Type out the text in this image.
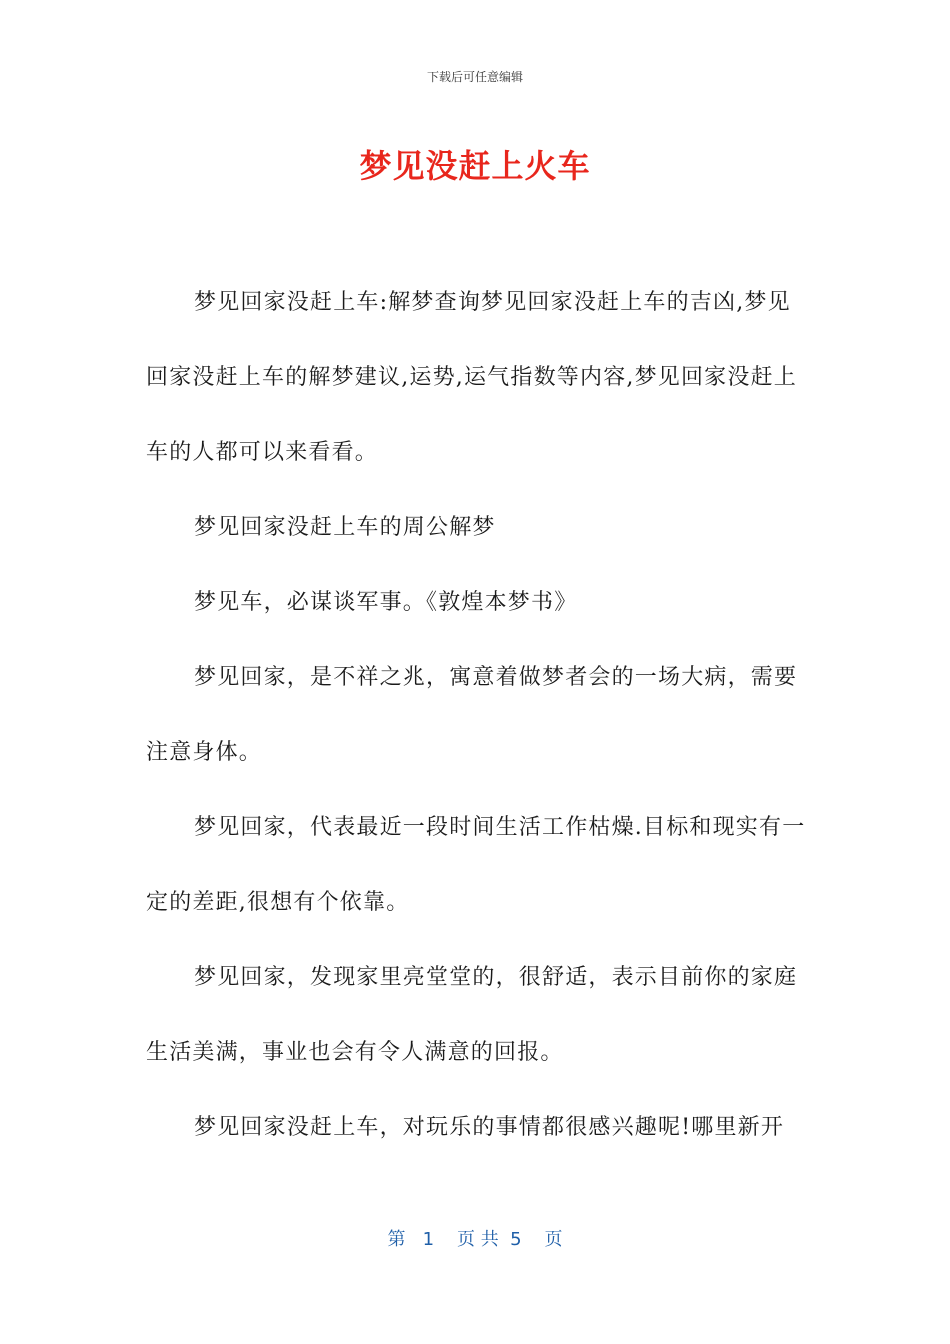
下载后可任意编辑
梦见没赶上火车

梦见回家没赶上车:解梦查询梦见回家没赶上车的吉凶,梦见回家没赶上车的解梦建议,运势,运气指数等内容,梦见回家没赶上车的人都可以来看看。

梦见回家没赶上车的周公解梦

梦见车，必谋谈军事。《敦煌本梦书》

梦见回家，是不祥之兆，寓意着做梦者会的一场大病，需要注意身体。

梦见回家，代表最近一段时间生活工作枯燥.目标和现实有一定的差距,很想有个依靠。

梦见回家，发现家里亮堂堂的，很舒适，表示目前你的家庭生活美满，事业也会有令人满意的回报。

梦见回家没赶上车，对玩乐的事情都很感兴趣呢!哪里新开

第   1    页 共  5    页
